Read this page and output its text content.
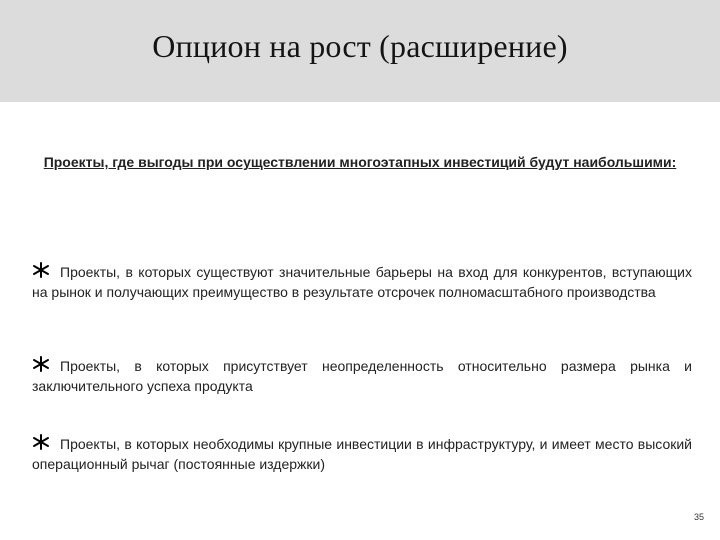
Опцион на рост (расширение)
Проекты, где выгоды при осуществлении многоэтапных инвестиций будут наибольшими:
Проекты, в которых существуют значительные барьеры на вход для конкурентов, вступающих на рынок и получающих преимущество в результате отсрочек полномасштабного производства
Проекты, в которых присутствует неопределенность относительно размера рынка и заключительного успеха продукта
Проекты, в которых необходимы крупные инвестиции в инфраструктуру, и имеет место высокий операционный рычаг (постоянные издержки)
35
